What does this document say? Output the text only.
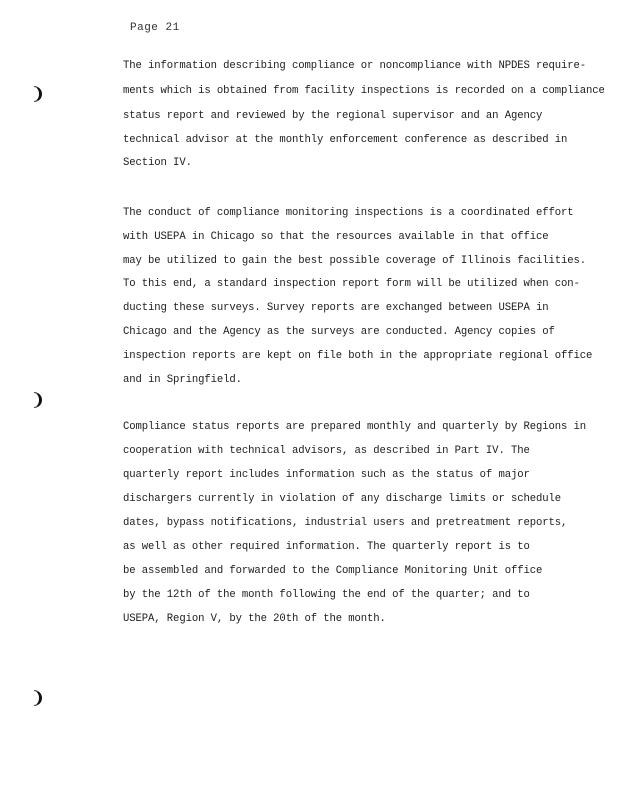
Page 21
The information describing compliance or noncompliance with NPDES require-
ments which is obtained from facility inspections is recorded on a compliance
status report and reviewed by the regional supervisor and an Agency
technical advisor at the monthly enforcement conference as described in
Section IV.
The conduct of compliance monitoring inspections is a coordinated effort
with USEPA in Chicago so that the resources available in that office
may be utilized to gain the best possible coverage of Illinois facilities.
To this end, a standard inspection report form will be utilized when con-
ducting these surveys. Survey reports are exchanged between USEPA in
Chicago and the Agency as the surveys are conducted. Agency copies of
inspection reports are kept on file both in the appropriate regional office
and in Springfield.
Compliance status reports are prepared monthly and quarterly by Regions in
cooperation with technical advisors, as described in Part IV. The
quarterly report includes information such as the status of major
dischargers currently in violation of any discharge limits or schedule
dates, bypass notifications, industrial users and pretreatment reports,
as well as other required information. The quarterly report is to
be assembled and forwarded to the Compliance Monitoring Unit office
by the 12th of the month following the end of the quarter; and to
USEPA, Region V, by the 20th of the month.
